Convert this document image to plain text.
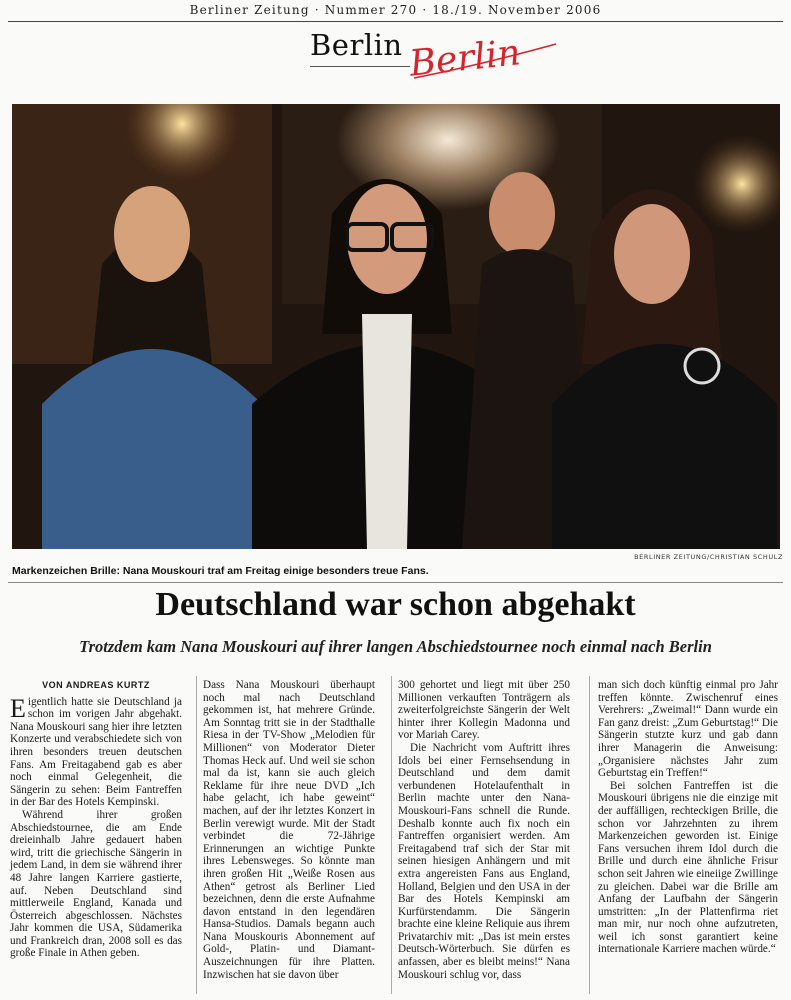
Berliner Zeitung · Nummer 270 · 18./19. November 2006
Berlin Berlin
BERLINER ZEITUNG/CHRISTIAN SCHULZ
Markenzeichen Brille: Nana Mouskouri traf am Freitag einige besonders treue Fans.
Deutschland war schon abgehakt
Trotzdem kam Nana Mouskouri auf ihrer langen Abschiedstournee noch einmal nach Berlin
VON ANDREAS KURTZ

Eigentlich hatte sie Deutschland ja schon im vorigen Jahr abgehakt. Nana Mouskouri sang hier ihre letzten Konzerte und verabschiedete sich von ihren besonders treuen deutschen Fans. Am Freitagabend gab es aber noch einmal Gelegenheit, die Sängerin zu sehen: Beim Fantreffen in der Bar des Hotels Kempinski.

Während ihrer großen Abschiedstournee, die am Ende dreieinhalb Jahre gedauert haben wird, tritt die griechische Sängerin in jedem Land, in dem sie während ihrer 48 Jahre langen Karriere gastierte, auf. Neben Deutschland sind mittlerweile England, Kanada und Österreich abgeschlossen. Nächstes Jahr kommen die USA, Südamerika und Frankreich dran, 2008 soll es das große Finale in Athen geben.

Dass Nana Mouskouri überhaupt noch mal nach Deutschland gekommen ist, hat mehrere Gründe. Am Sonntag tritt sie in der Stadthalle Riesa in der TV-Show „Melodien für Millionen“ von Moderator Dieter Thomas Heck auf. Und weil sie schon mal da ist, kann sie auch gleich Reklame für ihre neue DVD „Ich habe gelacht, ich habe geweint“ machen, auf der ihr letztes Konzert in Berlin verewigt wurde. Mit der Stadt verbindet die 72-Jährige Erinnerungen an wichtige Punkte ihres Lebensweges. So könnte man ihren großen Hit „Weiße Rosen aus Athen“ getrost als Berliner Lied bezeichnen, denn die erste Aufnahme davon entstand in den legendären Hansa-Studios. Damals begann auch Nana Mouskouris Abonnement auf Gold-, Platin- und Diamant-Auszeichnungen für ihre Platten. Inzwischen hat sie davon über

300 gehortet und liegt mit über 250 Millionen verkauften Tonträgern als zweiterfolgreichste Sängerin der Welt hinter ihrer Kollegin Madonna und vor Mariah Carey.

Die Nachricht vom Auftritt ihres Idols bei einer Fernsehsendung in Deutschland und dem damit verbundenen Hotelaufenthalt in Berlin machte unter den Nana-Mouskouri-Fans schnell die Runde. Deshalb konnte auch fix noch ein Fantreffen organisiert werden. Am Freitagabend traf sich der Star mit seinen hiesigen Anhängern und mit extra angereisten Fans aus England, Holland, Belgien und den USA in der Bar des Hotels Kempinski am Kurfürstendamm. Die Sängerin brachte eine kleine Reliquie aus ihrem Privatarchiv mit: „Das ist mein erstes Deutsch-Wörterbuch. Sie dürfen es anfassen, aber es bleibt meins!“ Nana Mouskouri schlug vor, dass

man sich doch künftig einmal pro Jahr treffen könnte. Zwischenruf eines Verehrers: „Zweimal!“ Dann wurde ein Fan ganz dreist: „Zum Geburtstag!“ Die Sängerin stutzte kurz und gab dann ihrer Managerin die Anweisung: „Organisiere nächstes Jahr zum Geburtstag ein Treffen!“

Bei solchen Fantreffen ist die Mouskouri übrigens nie die einzige mit der auffälligen, rechteckigen Brille, die schon vor Jahrzehnten zu ihrem Markenzeichen geworden ist. Einige Fans versuchen ihrem Idol durch die Brille und durch eine ähnliche Frisur schon seit Jahren wie eineiige Zwillinge zu gleichen. Dabei war die Brille am Anfang der Laufbahn der Sängerin umstritten: „In der Plattenfirma riet man mir, nur noch ohne aufzutreten, weil ich sonst garantiert keine internationale Karriere machen würde.“
